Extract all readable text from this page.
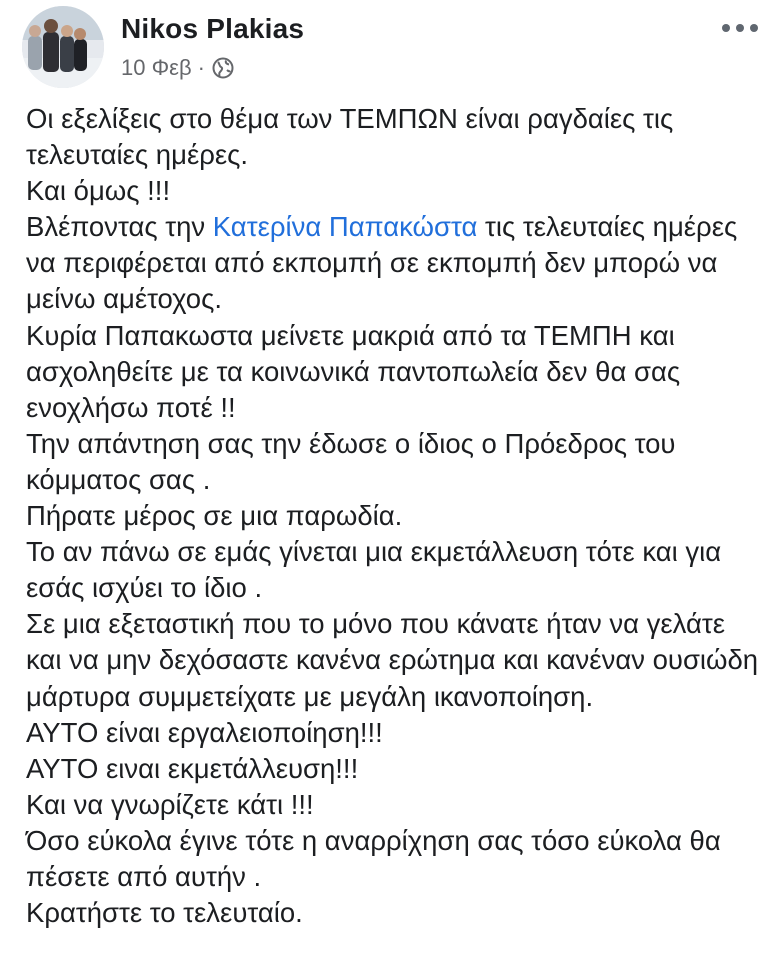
Nikos Plakias
10 Φεβ ·

Οι εξελίξεις στο θέμα των ΤΕΜΠΩΝ είναι ραγδαίες τις τελευταίες ημέρες.

Και όμως !!!

Βλέποντας την Κατερίνα Παπακώστα τις τελευταίες ημέρες να περιφέρεται από εκπομπή σε εκπομπή δεν μπορώ να μείνω αμέτοχος.

Κυρία Παπακωστα μείνετε μακριά από τα ΤΕΜΠΗ και ασχοληθείτε με τα κοινωνικά παντοπωλεία δεν θα σας ενοχλήσω ποτέ !!

Την απάντηση σας την έδωσε ο ίδιος ο Πρόεδρος του κόμματος σας .

Πήρατε μέρος σε μια παρωδία.

Το αν πάνω σε εμάς γίνεται μια εκμετάλλευση τότε και για εσάς ισχύει το ίδιο .

Σε μια εξεταστική που το μόνο που κάνατε ήταν να γελάτε και να μην δεχόσαστε κανένα ερώτημα και κανέναν ουσιώδη μάρτυρα συμμετείχατε με μεγάλη ικανοποίηση.

ΑΥΤΟ είναι εργαλειοποίηση!!!

ΑΥΤΟ ειναι εκμετάλλευση!!!

Και να γνωρίζετε κάτι !!!

Όσο εύκολα έγινε τότε η αναρρίχηση σας τόσο εύκολα θα πέσετε από αυτήν .

Κρατήστε το τελευταίο.
